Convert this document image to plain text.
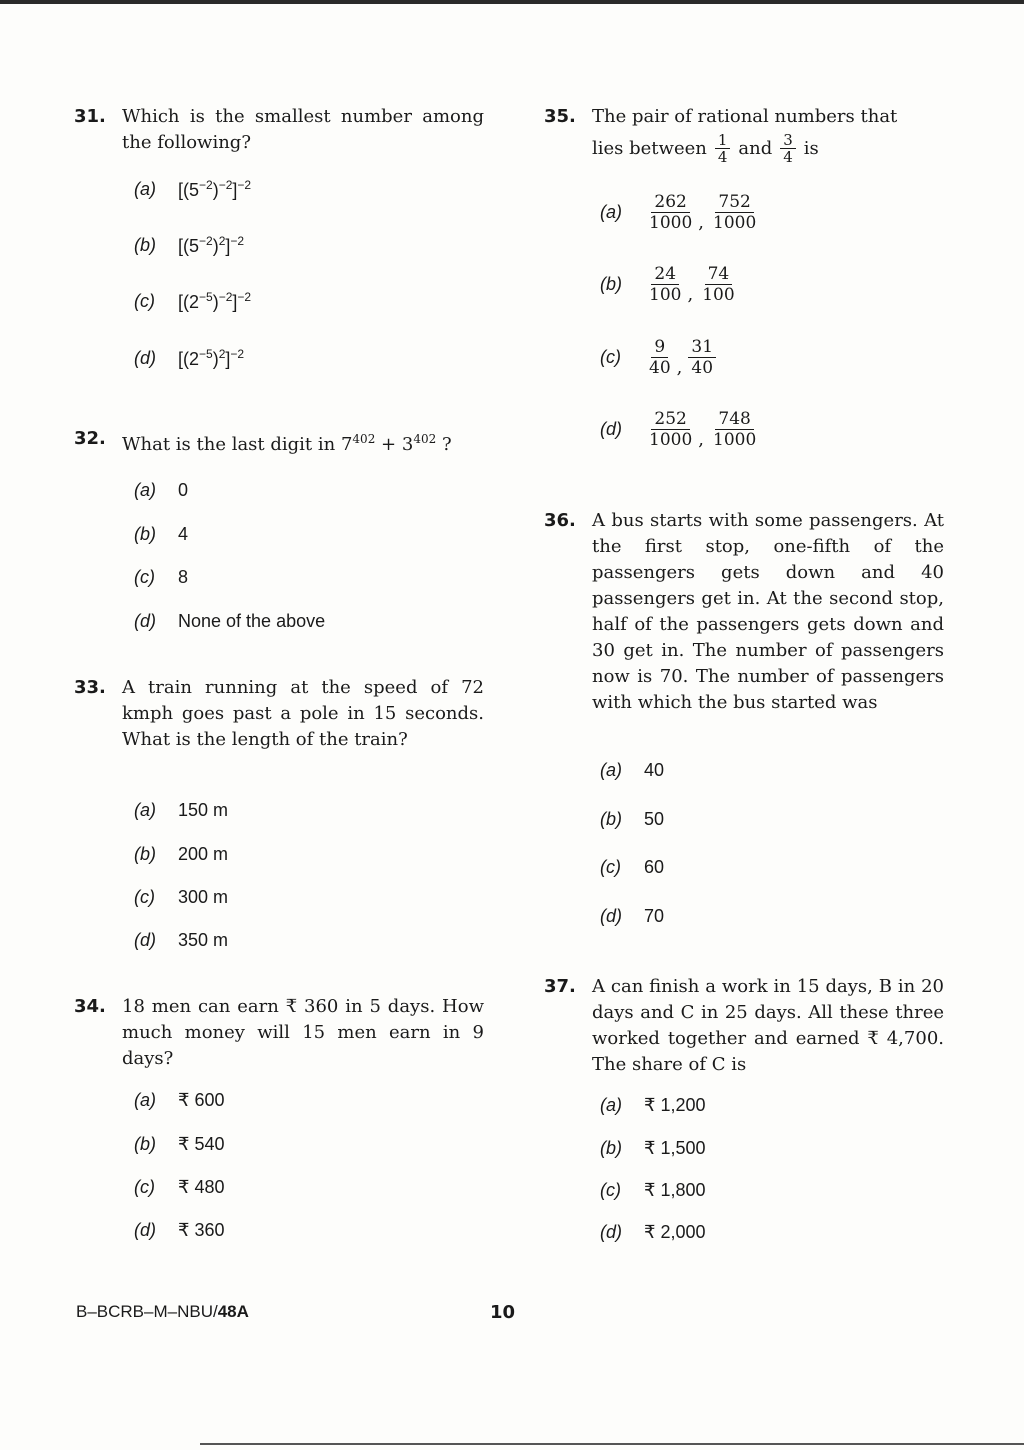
31. Which is the smallest number among the following?
(a)	$[(5^{-2})^{-2}]^{-2}$
(b)	$[(5^{-2})^2]^{-2}$
(c)	$[(2^{-5})^{-2}]^{-2}$
(d)	$[(2^{-5})^2]^{-2}$
32. What is the last digit in $7^{402} + 3^{402}$ ?
(a)	0
(b)	4
(c)	8
(d)	None of the above
33. A train running at the speed of 72 kmph goes past a pole in 15 seconds. What is the length of the train?
(a)	150 m
(b)	200 m
(c)	300 m
(d)	350 m
34. 18 men can earn ₹ 360 in 5 days. How much money will 15 men earn in 9 days?
(a)	₹ 600
(b)	₹ 540
(c)	₹ 480
(d)	₹ 360
35. The pair of rational numbers that

lies between $\frac{1}{4}$ and $\frac{3}{4}$ is
(a)	$\frac{262}{1000}$ , $\frac{752}{1000}$
(b)	$\frac{24}{100}$ , $\frac{74}{100}$
(c)	$\frac{9}{40}$ , $\frac{31}{40}$
(d)	$\frac{252}{1000}$ , $\frac{748}{1000}$
36. A bus starts with some passengers. At the first stop, one-fifth of the passengers gets down and 40 passengers get in. At the second stop, half of the passengers gets down and 30 get in. The number of passengers now is 70. The number of passengers with which the bus started was
(a)	40
(b)	50
(c)	60
(d)	70
37. A can finish a work in 15 days, B in 20 days and C in 25 days. All these three worked together and earned ₹ 4,700. The share of C is
(a)	₹ 1,200
(b)	₹ 1,500
(c)	₹ 1,800
(d)	₹ 2,000
B–BCRB–M–NBU/48A	10
